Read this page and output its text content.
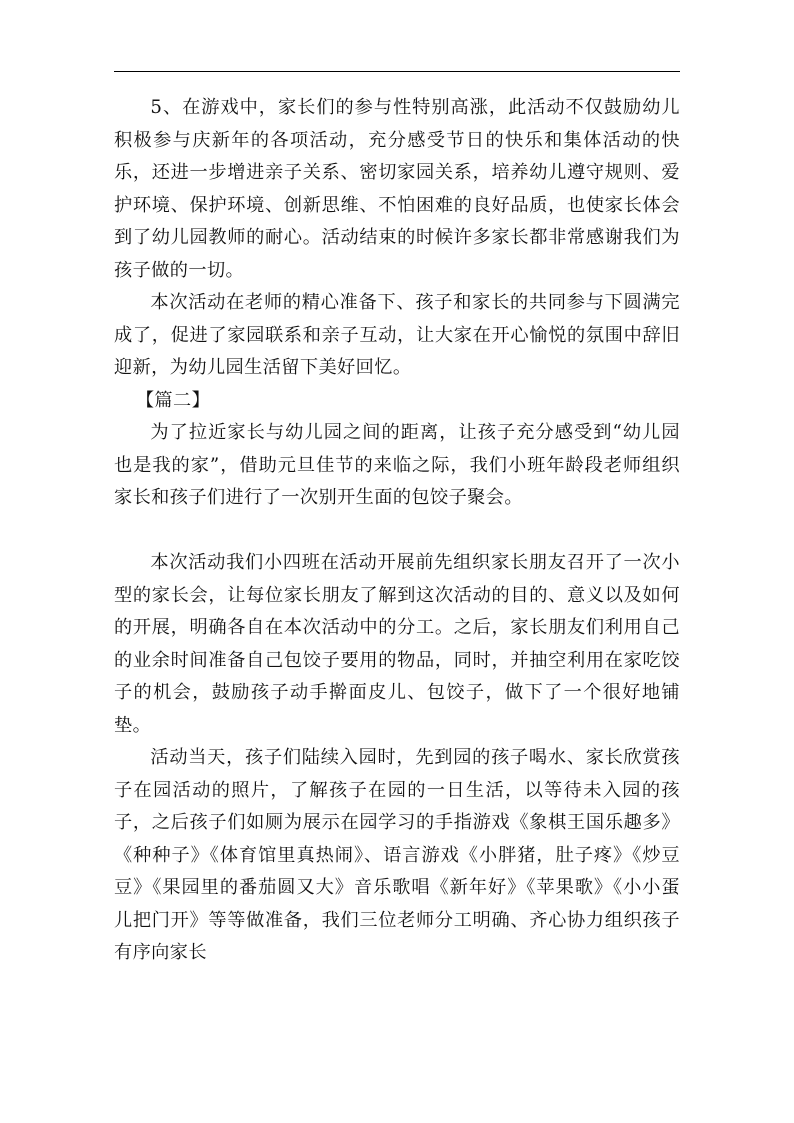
5、在游戏中，家长们的参与性特别高涨，此活动不仅鼓励幼儿积极参与庆新年的各项活动，充分感受节日的快乐和集体活动的快乐，还进一步增进亲子关系、密切家园关系，培养幼儿遵守规则、爱护环境、保护环境、创新思维、不怕困难的良好品质，也使家长体会到了幼儿园教师的耐心。活动结束的时候许多家长都非常感谢我们为孩子做的一切。

本次活动在老师的精心准备下、孩子和家长的共同参与下圆满完成了，促进了家园联系和亲子互动，让大家在开心愉悦的氛围中辞旧迎新，为幼儿园生活留下美好回忆。

【篇二】

为了拉近家长与幼儿园之间的距离，让孩子充分感受到“幼儿园也是我的家”，借助元旦佳节的来临之际，我们小班年龄段老师组织家长和孩子们进行了一次别开生面的包饺子聚会。

本次活动我们小四班在活动开展前先组织家长朋友召开了一次小型的家长会，让每位家长朋友了解到这次活动的目的、意义以及如何的开展，明确各自在本次活动中的分工。之后，家长朋友们利用自己的业余时间准备自己包饺子要用的物品，同时，并抽空利用在家吃饺子的机会，鼓励孩子动手擀面皮儿、包饺子，做下了一个很好地铺垫。

活动当天，孩子们陆续入园时，先到园的孩子喝水、家长欣赏孩子在园活动的照片，了解孩子在园的一日生活，以等待未入园的孩子，之后孩子们如厕为展示在园学习的手指游戏《象棋王国乐趣多》《种种子》《体育馆里真热闹》、语言游戏《小胖猪，肚子疼》《炒豆豆》《果园里的番茄圆又大》音乐歌唱《新年好》《苹果歌》《小小蛋儿把门开》等等做准备，我们三位老师分工明确、齐心协力组织孩子有序向家长
